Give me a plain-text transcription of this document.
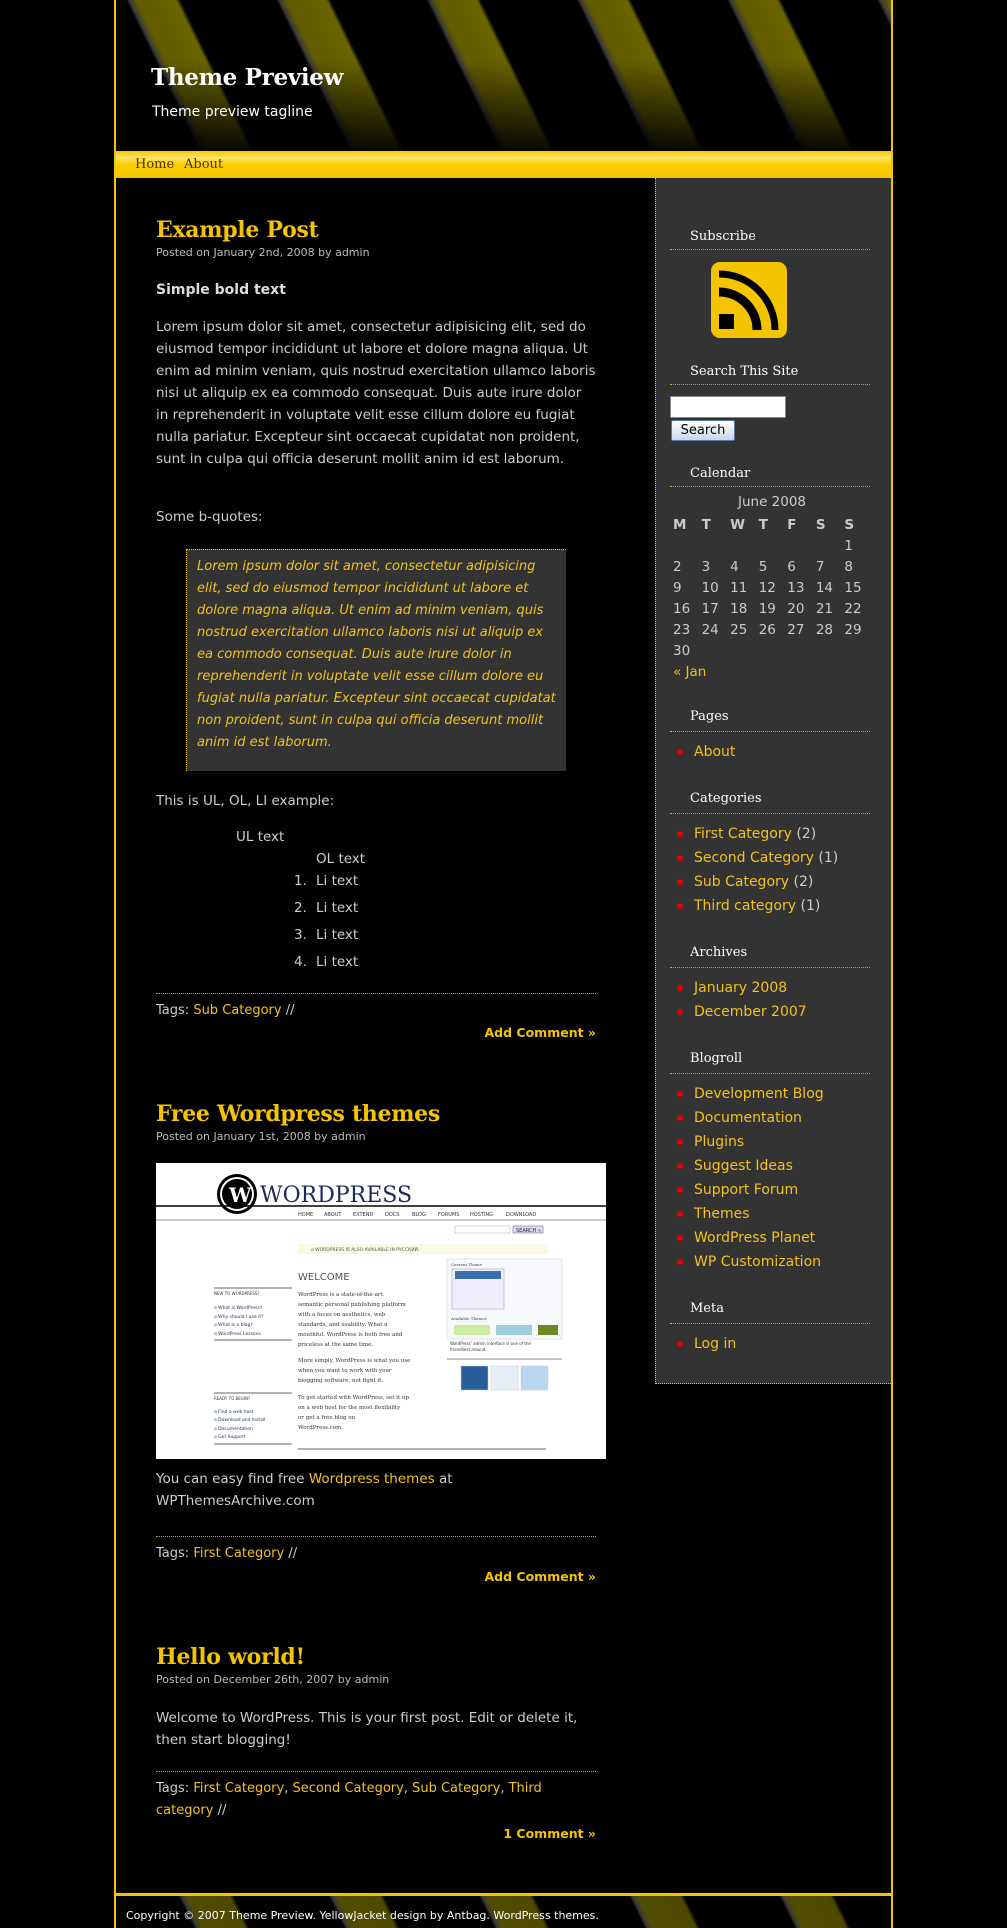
Theme Preview
Theme preview tagline
Home About
Example Post
Posted on January 2nd, 2008 by admin
Simple bold text
Lorem ipsum dolor sit amet, consectetur adipisicing elit, sed do eiusmod tempor incididunt ut labore et dolore magna aliqua. Ut enim ad minim veniam, quis nostrud exercitation ullamco laboris nisi ut aliquip ex ea commodo consequat. Duis aute irure dolor in reprehenderit in voluptate velit esse cillum dolore eu fugiat nulla pariatur. Excepteur sint occaecat cupidatat non proident, sunt in culpa qui officia deserunt mollit anim id est laborum.
Some b-quotes:
Lorem ipsum dolor sit amet, consectetur adipisicing elit, sed do eiusmod tempor incididunt ut labore et dolore magna aliqua. Ut enim ad minim veniam, quis nostrud exercitation ullamco laboris nisi ut aliquip ex ea commodo consequat. Duis aute irure dolor in reprehenderit in voluptate velit esse cillum dolore eu fugiat nulla pariatur. Excepteur sint occaecat cupidatat non proident, sunt in culpa qui officia deserunt mollit anim id est laborum.
This is UL, OL, LI example:
UL text
OL text
1. Li text
2. Li text
3. Li text
4. Li text
Tags: Sub Category //
Add Comment »
Free Wordpress themes
Posted on January 1st, 2008 by admin
W WORDPRESS
HOME ABOUT EXTEND DOCS	BLOG FORUMS HOSTING	DOWNLOAD
SEARCH »
o WORDPRESS IS ALSO AVAILABLE IN РУССКИЙ.
WELCOME
NEW TO WORDPRESS?
o What is WordPress?
o Why should I use it?
o What is a blog?
o WordPress Lessons
WordPress is a state-of-the-art
semantic personal publishing platform
with a focus on aesthetics, web
standards, and usability. What a
mouthful. WordPress is both free and
priceless at the same time.
More simply, WordPress is what you use
when you want to work with your
blogging software, not fight it.
To get started with WordPress, set it up
on a web host for the most flexibility
or get a free blog on
WordPress.com.
READY TO BEGIN?
o Find a web host
o Download and Install
o Documentation
o Get Support
Current Theme
Available Themes
WordPress' admin interface is one of the
friendliest around.
You can easy find free Wordpress themes at WPThemesArchive.com
Tags: First Category //
Add Comment »
Hello world!
Posted on December 26th, 2007 by admin
Welcome to WordPress. This is your first post. Edit or delete it, then start blogging!
Tags: First Category, Second Category, Sub Category, Third category //
1 Comment »
Subscribe
Search This Site
Search
Calendar
June 2008
M	T	W	T	F	S	S
						1
2	3	4	5	6	7	8
9	10	11	12	13	14	15
16	17	18	19	20	21	22
23	24	25	26	27	28	29
30						
« Jan						
Pages
About
Categories
First Category (2)
Second Category (1)
Sub Category (2)
Third category (1)
Archives
January 2008
December 2007
Blogroll
Development Blog
Documentation
Plugins
Suggest Ideas
Support Forum
Themes
WordPress Planet
WP Customization
Meta
Log in
Copyright © 2007 Theme Preview. YellowJacket design by Antbag. WordPress themes.
